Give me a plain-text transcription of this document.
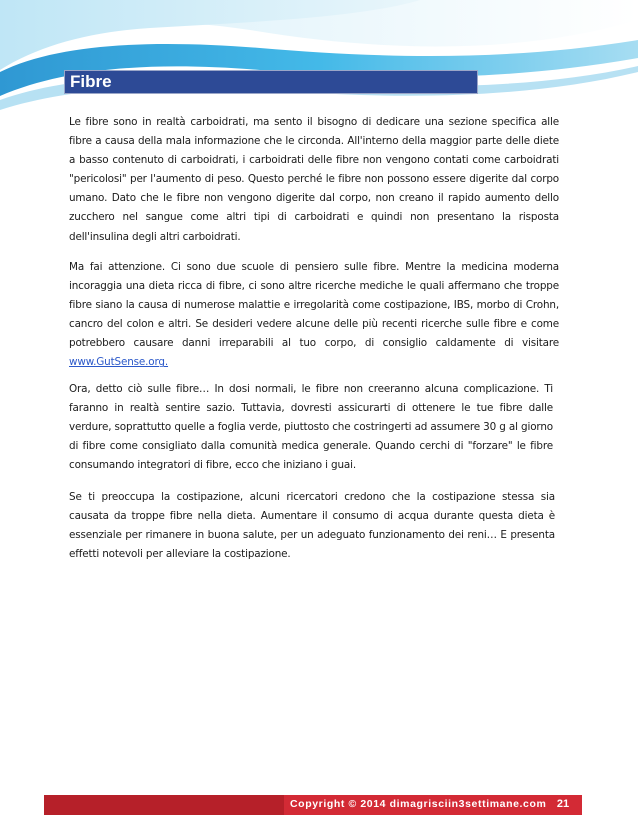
Fibre

Le fibre sono in realtà carboidrati, ma sento il bisogno di dedicare una sezione specifica alle fibre a causa della mala informazione che le circonda. All'interno della maggior parte delle diete a basso contenuto di carboidrati, i carboidrati delle fibre non vengono contati come carboidrati "pericolosi" per l'aumento di peso. Questo perché le fibre non possono essere digerite dal corpo umano. Dato che le fibre non vengono digerite dal corpo, non creano il rapido aumento dello zucchero nel sangue come altri tipi di carboidrati e quindi non presentano la risposta dell'insulina degli altri carboidrati.

Ma fai attenzione. Ci sono due scuole di pensiero sulle fibre. Mentre la medicina moderna incoraggia una dieta ricca di fibre, ci sono altre ricerche mediche le quali affermano che troppe fibre siano la causa di numerose malattie e irregolarità come costipazione, IBS, morbo di Crohn, cancro del colon e altri. Se desideri vedere alcune delle più recenti ricerche sulle fibre e come potrebbero causare danni irreparabili al tuo corpo, di consiglio caldamente di visitare www.GutSense.org.

Ora, detto ciò sulle fibre… In dosi normali, le fibre non creeranno alcuna complicazione. Ti faranno in realtà sentire sazio. Tuttavia, dovresti assicurarti di ottenere le tue fibre dalle verdure, soprattutto quelle a foglia verde, piuttosto che costringerti ad assumere 30 g al giorno di fibre come consigliato dalla comunità medica generale. Quando cerchi di "forzare" le fibre consumando integratori di fibre, ecco che iniziano i guai.

Se ti preoccupa la costipazione, alcuni ricercatori credono che la costipazione stessa sia causata da troppe fibre nella dieta. Aumentare il consumo di acqua durante questa dieta è essenziale per rimanere in buona salute, per un adeguato funzionamento dei reni… E presenta effetti notevoli per alleviare la costipazione.

Copyright © 2014 dimagrisciin3settimane.com 21
